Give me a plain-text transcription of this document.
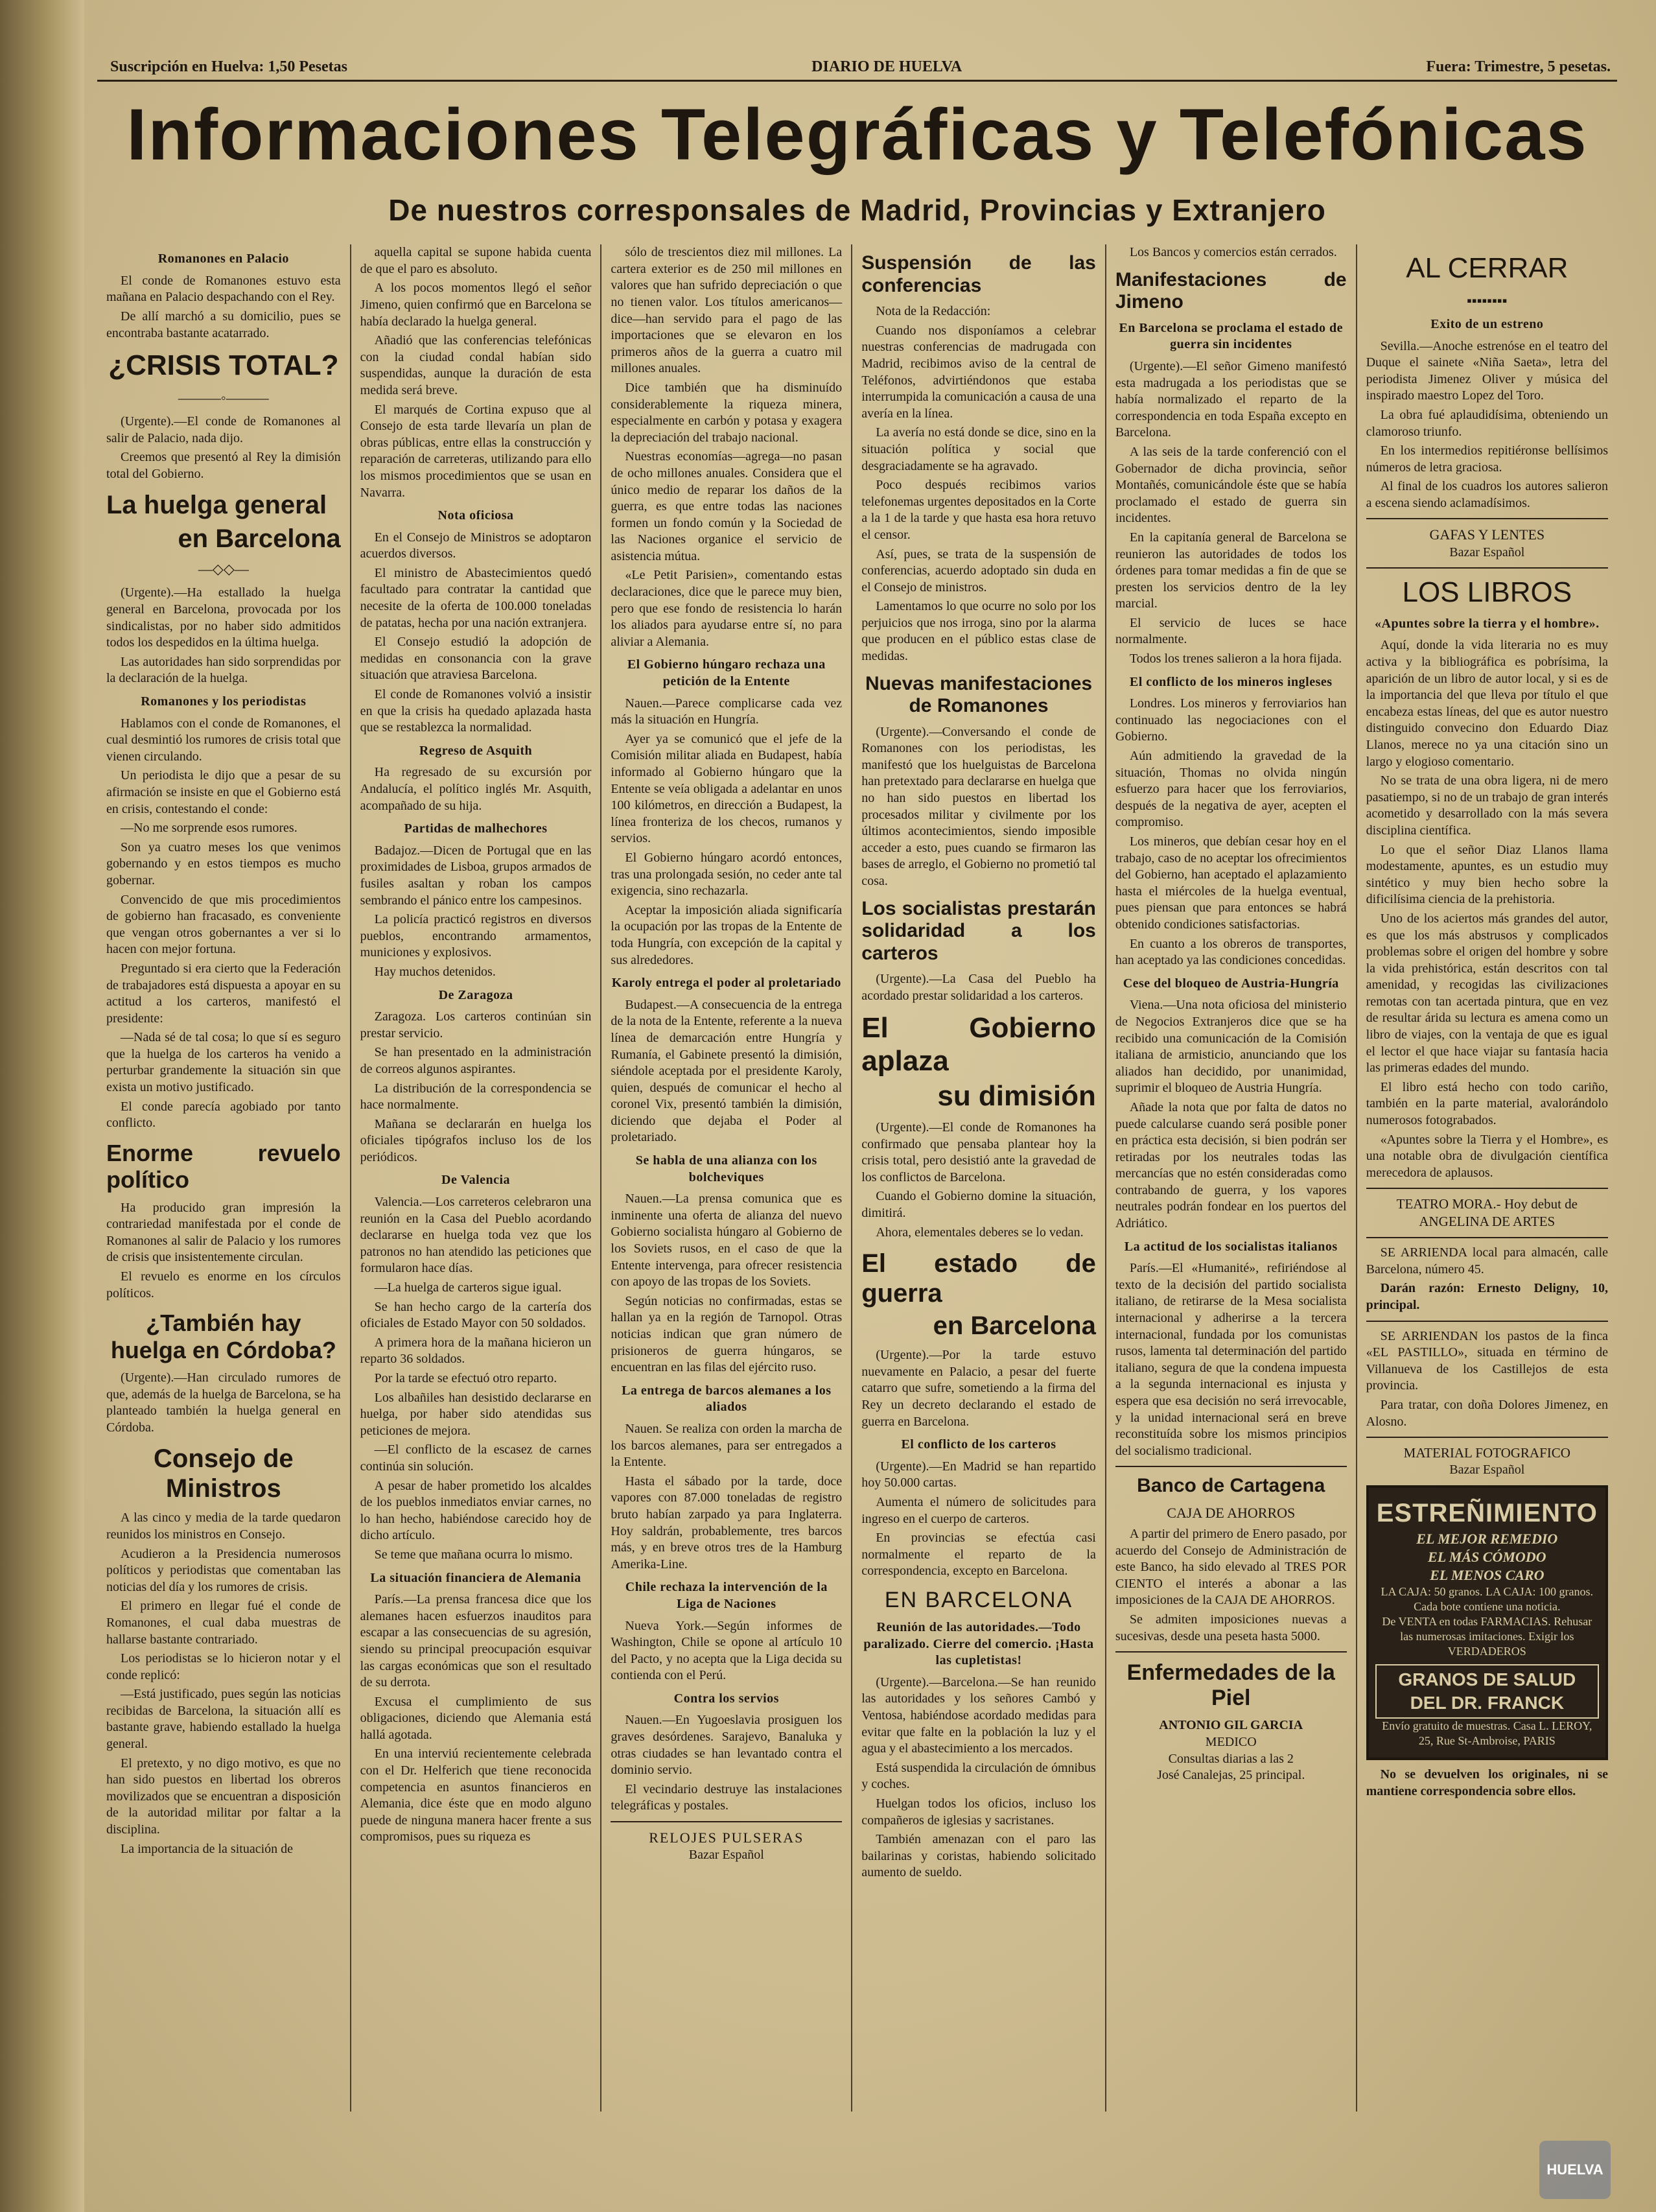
Suscripción en Huelva: 1,50 Pesetas	DIARIO DE HUELVA	Fuera: Trimestre, 5 pesetas.
Informaciones Telegráficas y Telefónicas
De nuestros corresponsales de Madrid, Provincias y Extranjero
Romanones en Palacio

El conde de Romanones estuvo esta mañana en Palacio despachando con el Rey.

De allí marchó a su domicilio, pues se encontraba bastante acatarrado.

¿CRISIS TOTAL?
———◦———

(Urgente).—El conde de Romanones al salir de Palacio, nada dijo.

Creemos que presentó al Rey la dimisión total del Gobierno.

La huelga general
en Barcelona
—◇◇—

(Urgente).—Ha estallado la huelga general en Barcelona, provocada por los sindicalistas, por no haber sido admitidos todos los despedidos en la última huelga.

Las autoridades han sido sorprendidas por la declaración de la huelga.

Romanones y los periodistas

Hablamos con el conde de Romanones, el cual desmintió los rumores de crisis total que vienen circulando.

Un periodista le dijo que a pesar de su afirmación se insiste en que el Gobierno está en crisis, contestando el conde:

—No me sorprende esos rumores.

Son ya cuatro meses los que venimos gobernando y en estos tiempos es mucho gobernar.

Convencido de que mis procedimientos de gobierno han fracasado, es conveniente que vengan otros gobernantes a ver si lo hacen con mejor fortuna.

Preguntado si era cierto que la Federación de trabajadores está dispuesta a apoyar en su actitud a los carteros, manifestó el presidente:

—Nada sé de tal cosa; lo que sí es seguro que la huelga de los carteros ha venido a perturbar grandemente la situación sin que exista un motivo justificado.

El conde parecía agobiado por tanto conflicto.

Enorme revuelo político

Ha producido gran impresión la contrariedad manifestada por el conde de Romanones al salir de Palacio y los rumores de crisis que insistentemente circulan.

El revuelo es enorme en los círculos políticos.

¿También hay huelga en Córdoba?

(Urgente).—Han circulado rumores de que, además de la huelga de Barcelona, se ha planteado también la huelga general en Córdoba.

Consejo de Ministros

A las cinco y media de la tarde quedaron reunidos los ministros en Consejo.

Acudieron a la Presidencia numerosos políticos y periodistas que comentaban las noticias del día y los rumores de crisis.

El primero en llegar fué el conde de Romanones, el cual daba muestras de hallarse bastante contrariado.

Los periodistas se lo hicieron notar y el conde replicó:

—Está justificado, pues según las noticias recibidas de Barcelona, la situación allí es bastante grave, habiendo estallado la huelga general.

El pretexto, y no digo motivo, es que no han sido puestos en libertad los obreros movilizados que se encuentran a disposición de la autoridad militar por faltar a la disciplina.

La importancia de la situación de

aquella capital se supone habida cuenta de que el paro es absoluto.

A los pocos momentos llegó el señor Jimeno, quien confirmó que en Barcelona se había declarado la huelga general.

Añadió que las conferencias telefónicas con la ciudad condal habían sido suspendidas, aunque la duración de esta medida será breve.

El marqués de Cortina expuso que al Consejo de esta tarde llevaría un plan de obras públicas, entre ellas la construcción y reparación de carreteras, utilizando para ello los mismos procedimientos que se usan en Navarra.

Nota oficiosa

En el Consejo de Ministros se adoptaron acuerdos diversos.

El ministro de Abastecimientos quedó facultado para contratar la cantidad que necesite de la oferta de 100.000 toneladas de patatas, hecha por una nación extranjera.

El Consejo estudió la adopción de medidas en consonancia con la grave situación que atraviesa Barcelona.

El conde de Romanones volvió a insistir en que la crisis ha quedado aplazada hasta que se restablezca la normalidad.

Regreso de Asquith

Ha regresado de su excursión por Andalucía, el político inglés Mr. Asquith, acompañado de su hija.

Partidas de malhechores

Badajoz.—Dicen de Portugal que en las proximidades de Lisboa, grupos armados de fusiles asaltan y roban los campos sembrando el pánico entre los campesinos.

La policía practicó registros en diversos pueblos, encontrando armamentos, municiones y explosivos.

Hay muchos detenidos.

De Zaragoza

Zaragoza. Los carteros continúan sin prestar servicio.

Se han presentado en la administración de correos algunos aspirantes.

La distribución de la correspondencia se hace normalmente.

Mañana se declararán en huelga los oficiales tipógrafos incluso los de los periódicos.

De Valencia

Valencia.—Los carreteros celebraron una reunión en la Casa del Pueblo acordando declararse en huelga toda vez que los patronos no han atendido las peticiones que formularon hace días.

—La huelga de carteros sigue igual.

Se han hecho cargo de la cartería dos oficiales de Estado Mayor con 50 soldados.

A primera hora de la mañana hicieron un reparto 36 soldados.

Por la tarde se efectuó otro reparto.

Los albañiles han desistido declararse en huelga, por haber sido atendidas sus peticiones de mejora.

—El conflicto de la escasez de carnes continúa sin solución.

A pesar de haber prometido los alcaldes de los pueblos inmediatos enviar carnes, no lo han hecho, habiéndose carecido hoy de dicho artículo.

Se teme que mañana ocurra lo mismo.

La situación financiera de Alemania

París.—La prensa francesa dice que los alemanes hacen esfuerzos inauditos para escapar a las consecuencias de su agresión, siendo su principal preocupación esquivar las cargas económicas que son el resultado de su derrota.

Excusa el cumplimiento de sus obligaciones, diciendo que Alemania está hallá agotada.

En una interviú recientemente celebrada con el Dr. Helferich que tiene reconocida competencia en asuntos financieros en Alemania, dice éste que en modo alguno puede de ninguna manera hacer frente a sus compromisos, pues su riqueza es

sólo de trescientos diez mil millones. La cartera exterior es de 250 mil millones en valores que han sufrido depreciación o que no tienen valor. Los títulos americanos—dice—han servido para el pago de las importaciones que se elevaron en los primeros años de la guerra a cuatro mil millones anuales.

Dice también que ha disminuído considerablemente la riqueza minera, especialmente en carbón y potasa y exagera la depreciación del trabajo nacional.

Nuestras economías—agrega—no pasan de ocho millones anuales. Considera que el único medio de reparar los daños de la guerra, es que entre todas las naciones formen un fondo común y la Sociedad de las Naciones organice el servicio de asistencia mútua.

«Le Petit Parisien», comentando estas declaraciones, dice que le parece muy bien, pero que ese fondo de resistencia lo harán los aliados para ayudarse entre sí, no para aliviar a Alemania.

El Gobierno húngaro rechaza una petición de la Entente

Nauen.—Parece complicarse cada vez más la situación en Hungría.

Ayer ya se comunicó que el jefe de la Comisión militar aliada en Budapest, había informado al Gobierno húngaro que la Entente se veía obligada a adelantar en unos 100 kilómetros, en dirección a Budapest, la línea fronteriza de los checos, rumanos y servios.

El Gobierno húngaro acordó entonces, tras una prolongada sesión, no ceder ante tal exigencia, sino rechazarla.

Aceptar la imposición aliada significaría la ocupación por las tropas de la Entente de toda Hungría, con excepción de la capital y sus alrededores.

Karoly entrega el poder al proletariado

Budapest.—A consecuencia de la entrega de la nota de la Entente, referente a la nueva línea de demarcación entre Hungría y Rumanía, el Gabinete presentó la dimisión, siéndole aceptada por el presidente Karoly, quien, después de comunicar el hecho al coronel Vix, presentó también la dimisión, diciendo que dejaba el Poder al proletariado.

Se habla de una alianza con los bolcheviques

Nauen.—La prensa comunica que es inminente una oferta de alianza del nuevo Gobierno socialista húngaro al Gobierno de los Soviets rusos, en el caso de que la Entente intervenga, para ofrecer resistencia con apoyo de las tropas de los Soviets.

Según noticias no confirmadas, estas se hallan ya en la región de Tarnopol. Otras noticias indican que gran número de prisioneros de guerra húngaros, se encuentran en las filas del ejército ruso.

La entrega de barcos alemanes a los aliados

Nauen. Se realiza con orden la marcha de los barcos alemanes, para ser entregados a la Entente.

Hasta el sábado por la tarde, doce vapores con 87.000 toneladas de registro bruto habían zarpado ya para Inglaterra. Hoy saldrán, probablemente, tres barcos más, y en breve otros tres de la Hamburg Amerika-Line.

Chile rechaza la intervención de la Liga de Naciones

Nueva York.—Según informes de Washington, Chile se opone al artículo 10 del Pacto, y no acepta que la Liga decida su contienda con el Perú.

Contra los servios

Nauen.—En Yugoeslavia prosiguen los graves desórdenes. Sarajevo, Banaluka y otras ciudades se han levantado contra el dominio servio.

El vecindario destruye las instalaciones telegráficas y postales.

RELOJES PULSERAS
Bazar Español
Suspensión de las conferencias

Nota de la Redacción:

Cuando nos disponíamos a celebrar nuestras conferencias de madrugada con Madrid, recibimos aviso de la central de Teléfonos, advirtiéndonos que estaba interrumpida la comunicación a causa de una avería en la línea.

La avería no está donde se dice, sino en la situación política y social que desgraciadamente se ha agravado.

Poco después recibimos varios telefonemas urgentes depositados en la Corte a la 1 de la tarde y que hasta esa hora retuvo el censor.

Así, pues, se trata de la suspensión de conferencias, acuerdo adoptado sin duda en el Consejo de ministros.

Lamentamos lo que ocurre no solo por los perjuicios que nos irroga, sino por la alarma que producen en el público estas clase de medidas.

Nuevas manifestaciones de Romanones

(Urgente).—Conversando el conde de Romanones con los periodistas, les manifestó que los huelguistas de Barcelona han pretextado para declararse en huelga que no han sido puestos en libertad los procesados militar y civilmente por los últimos acontecimientos, siendo imposible acceder a esto, pues cuando se firmaron las bases de arreglo, el Gobierno no prometió tal cosa.

Los socialistas prestarán solidaridad a los carteros

(Urgente).—La Casa del Pueblo ha acordado prestar solidaridad a los carteros.

El Gobierno aplaza
su dimisión

(Urgente).—El conde de Romanones ha confirmado que pensaba plantear hoy la crisis total, pero desistió ante la gravedad de los conflictos de Barcelona.

Cuando el Gobierno domine la situación, dimitirá.

Ahora, elementales deberes se lo vedan.

El estado de guerra
en Barcelona

(Urgente).—Por la tarde estuvo nuevamente en Palacio, a pesar del fuerte catarro que sufre, sometiendo a la firma del Rey un decreto declarando el estado de guerra en Barcelona.

El conflicto de los carteros

(Urgente).—En Madrid se han repartido hoy 50.000 cartas.

Aumenta el número de solicitudes para ingreso en el cuerpo de carteros.

En provincias se efectúa casi normalmente el reparto de la correspondencia, excepto en Barcelona.

EN BARCELONA
Reunión de las autoridades.—Todo paralizado. Cierre del comercio. ¡Hasta las cupletistas!

(Urgente).—Barcelona.—Se han reunido las autoridades y los señores Cambó y Ventosa, habiéndose acordado medidas para evitar que falte en la población la luz y el agua y el abastecimiento a los mercados.

Está suspendida la circulación de ómnibus y coches.

Huelgan todos los oficios, incluso los compañeros de iglesias y sacristanes.

También amenazan con el paro las bailarinas y coristas, habiendo solicitado aumento de sueldo.

Los Bancos y comercios están cerrados.

Manifestaciones de Jimeno
En Barcelona se proclama el estado de guerra sin incidentes

(Urgente).—El señor Gimeno manifestó esta madrugada a los periodistas que se había normalizado el reparto de la correspondencia en toda España excepto en Barcelona.

A las seis de la tarde conferenció con el Gobernador de dicha provincia, señor Montañés, comunicándole éste que se había proclamado el estado de guerra sin incidentes.

En la capitanía general de Barcelona se reunieron las autoridades de todos los órdenes para tomar medidas a fin de que se presten los servicios dentro de la ley marcial.

El servicio de luces se hace normalmente.

Todos los trenes salieron a la hora fijada.

El conflicto de los mineros ingleses

Londres. Los mineros y ferroviarios han continuado las negociaciones con el Gobierno.

Aún admitiendo la gravedad de la situación, Thomas no olvida ningún esfuerzo para hacer que los ferroviarios, después de la negativa de ayer, acepten el compromiso.

Los mineros, que debían cesar hoy en el trabajo, caso de no aceptar los ofrecimientos del Gobierno, han aceptado el aplazamiento hasta el miércoles de la huelga eventual, pues piensan que para entonces se habrá obtenido condiciones satisfactorias.

En cuanto a los obreros de transportes, han aceptado ya las condiciones concedidas.

Cese del bloqueo de Austria-Hungría

Viena.—Una nota oficiosa del ministerio de Negocios Extranjeros dice que se ha recibido una comunicación de la Comisión italiana de armisticio, anunciando que los aliados han decidido, por unanimidad, suprimir el bloqueo de Austria Hungría.

Añade la nota que por falta de datos no puede calcularse cuando será posible poner en práctica esta decisión, si bien podrán ser retiradas por los neutrales todas las mercancías que no estén consideradas como contrabando de guerra, y los vapores neutrales podrán fondear en los puertos del Adriático.

La actitud de los socialistas italianos

París.—El «Humanité», refiriéndose al texto de la decisión del partido socialista italiano, de retirarse de la Mesa socialista internacional y adherirse a la tercera internacional, fundada por los comunistas rusos, lamenta tal determinación del partido italiano, segura de que la condena impuesta a la segunda internacional es injusta y espera que esa decisión no será irrevocable, y la unidad internacional será en breve reconstituída sobre los mismos principios del socialismo tradicional.

Banco de Cartagena
CAJA DE AHORROS

A partir del primero de Enero pasado, por acuerdo del Consejo de Administración de este Banco, ha sido elevado al TRES POR CIENTO el interés a abonar a las imposiciones de la CAJA DE AHORROS.

Se admiten imposiciones nuevas a sucesivas, desde una peseta hasta 5000.

Enfermedades de la Piel
ANTONIO GIL GARCIA
MEDICO
Consultas diarias a las 2
José Canalejas, 25 principal.
AL CERRAR
▪▪▪▪▪▪▪▪
Exito de un estreno

Sevilla.—Anoche estrenóse en el teatro del Duque el sainete «Niña Saeta», letra del periodista Jimenez Oliver y música del inspirado maestro Lopez del Toro.

La obra fué aplaudidísima, obteniendo un clamoroso triunfo.

En los intermedios repitiéronse bellísimos números de letra graciosa.

Al final de los cuadros los autores salieron a escena siendo aclamadísimos.

GAFAS Y LENTES
Bazar Español
LOS LIBROS
«Apuntes sobre la tierra y el hombre».

Aquí, donde la vida literaria no es muy activa y la bibliográfica es pobrísima, la aparición de un libro de autor local, y si es de la importancia del que lleva por título el que encabeza estas líneas, del que es autor nuestro distinguido convecino don Eduardo Diaz Llanos, merece no ya una citación sino un largo y elogioso comentario.

No se trata de una obra ligera, ni de mero pasatiempo, si no de un trabajo de gran interés acometido y desarrollado con la más severa disciplina científica.

Lo que el señor Diaz Llanos llama modestamente, apuntes, es un estudio muy sintético y muy bien hecho sobre la dificilísima ciencia de la prehistoria.

Uno de los aciertos más grandes del autor, es que los más abstrusos y complicados problemas sobre el origen del hombre y sobre la vida prehistórica, están descritos con tal amenidad, y recogidas las civilizaciones remotas con tan acertada pintura, que en vez de resultar árida su lectura es amena como un libro de viajes, con la ventaja de que es igual el lector el que hace viajar su fantasía hacia las primeras edades del mundo.

El libro está hecho con todo cariño, también en la parte material, avalorándolo numerosos fotograbados.

«Apuntes sobre la Tierra y el Hombre», es una notable obra de divulgación científica merecedora de aplausos.

TEATRO MORA.- Hoy debut de ANGELINA DE ARTES

SE ARRIENDA local para almacén, calle Barcelona, número 45.

Darán razón: Ernesto Deligny, 10, principal.

SE ARRIENDAN los pastos de la finca «EL PASTILLO», situada en término de Villanueva de los Castillejos de esta provincia.

Para tratar, con doña Dolores Jimenez, en Alosno.

MATERIAL FOTOGRAFICO
Bazar Español
ESTREÑIMIENTO
EL MEJOR REMEDIO
EL MÁS CÓMODO
EL MENOS CARO
LA CAJA: 50 granos. LA CAJA: 100 granos. Cada bote contiene una noticia.
De VENTA en todas FARMACIAS. Rehusar las numerosas imitaciones. Exigir los VERDADEROS
GRANOS DE SALUD DEL DR. FRANCK
Envío gratuito de muestras. Casa L. LEROY, 25, Rue St-Ambroise, PARIS

No se devuelven los originales, ni se mantiene correspondencia sobre ellos.

HUELVA
